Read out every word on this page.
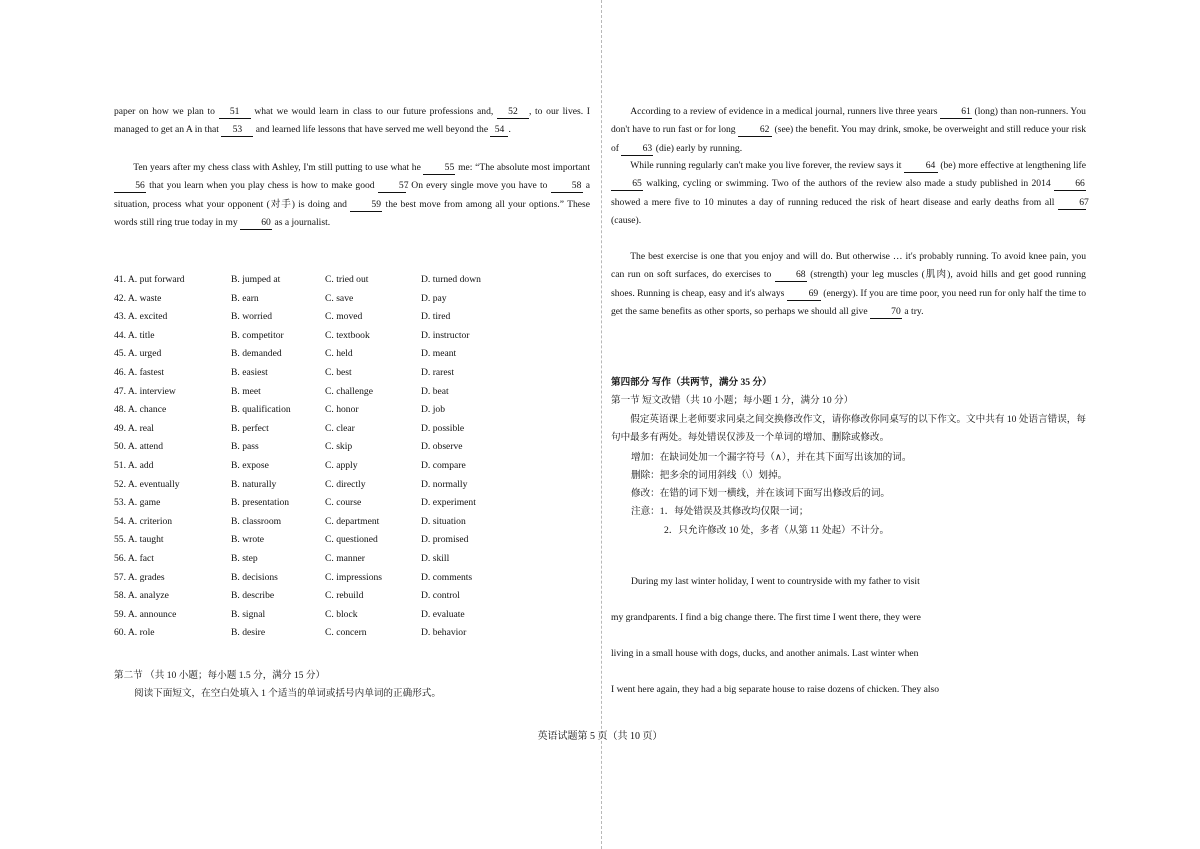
paper on how we plan to 51 what we would learn in class to our future professions and, 52 , to our lives. I managed to get an A in that 53 and learned life lessons that have served me well beyond the 54 .

Ten years after my chess class with Ashley, I'm still putting to use what he 55 me: “The absolute most important 56 that you learn when you play chess is how to make good 57. On every single move you have to 58 a situation, process what your opponent (对手) is doing and 59 the best move from among all your options.” These words still ring true today in my 60 as a journalist.

41. A. put forward	B. jumped at	C. tried out	D. turned down
42. A. waste	B. earn	C. save	D. pay
43. A. excited	B. worried	C. moved	D. tired
44. A. title	B. competitor	C. textbook	D. instructor
45. A. urged	B. demanded	C. held	D. meant
46. A. fastest	B. easiest	C. best	D. rarest
47. A. interview	B. meet	C. challenge	D. beat
48. A. chance	B. qualification	C. honor	D. job
49. A. real	B. perfect	C. clear	D. possible
50. A. attend	B. pass	C. skip	D. observe
51. A. add	B. expose	C. apply	D. compare
52. A. eventually	B. naturally	C. directly	D. normally
53. A. game	B. presentation	C. course	D. experiment
54. A. criterion	B. classroom	C. department	D. situation
55. A. taught	B. wrote	C. questioned	D. promised
56. A. fact	B. step	C. manner	D. skill
57. A. grades	B. decisions	C. impressions	D. comments
58. A. analyze	B. describe	C. rebuild	D. control
59. A. announce	B. signal	C. block	D. evaluate
60. A. role	B. desire	C. concern	D. behavior
第二节 （共 10 小题；每小题 1.5 分，满分 15 分）
阅读下面短文，在空白处填入 1 个适当的单词或括号内单词的正确形式。

According to a review of evidence in a medical journal, runners live three years 61 (long) than non-runners. You don't have to run fast or for long 62 (see) the benefit. You may drink, smoke, be overweight and still reduce your risk of 63 (die) early by running.

While running regularly can't make you live forever, the review says it 64 (be) more effective at lengthening life 65 walking, cycling or swimming. Two of the authors of the review also made a study published in 2014 66 showed a mere five to 10 minutes a day of running reduced the risk of heart disease and early deaths from all 67 (cause).

The best exercise is one that you enjoy and will do. But otherwise … it's probably running. To avoid knee pain, you can run on soft surfaces, do exercises to 68 (strength) your leg muscles (肌肉), avoid hills and get good running shoes. Running is cheap, easy and it's always 69 (energy). If you are time poor, you need run for only half the time to get the same benefits as other sports, so perhaps we should all give 70 a try.

第四部分 写作（共两节，满分 35 分）
第一节 短文改错（共 10 小题；每小题 1 分，满分 10 分）

假定英语课上老师要求同桌之间交换修改作文，请你修改你同桌写的以下作文。文中共有 10 处语言错误，每句中最多有两处。每处错误仅涉及一个单词的增加、删除或修改。

增加：在缺词处加一个漏字符号（∧），并在其下面写出该加的词。
删除：把多余的词用斜线（\）划掉。
修改：在错的词下划一横线，并在该词下面写出修改后的词。
注意：1．每处错误及其修改均仅限一词；
2．只允许修改 10 处，多者（从第 11 处起）不计分。
During my last winter holiday, I went to countryside with my father to visit
my grandparents. I find a big change there. The first time I went there, they were
living in a small house with dogs, ducks, and another animals. Last winter when
I went here again, they had a big separate house to raise dozens of chicken. They also
英语试题第 5 页（共 10 页）
